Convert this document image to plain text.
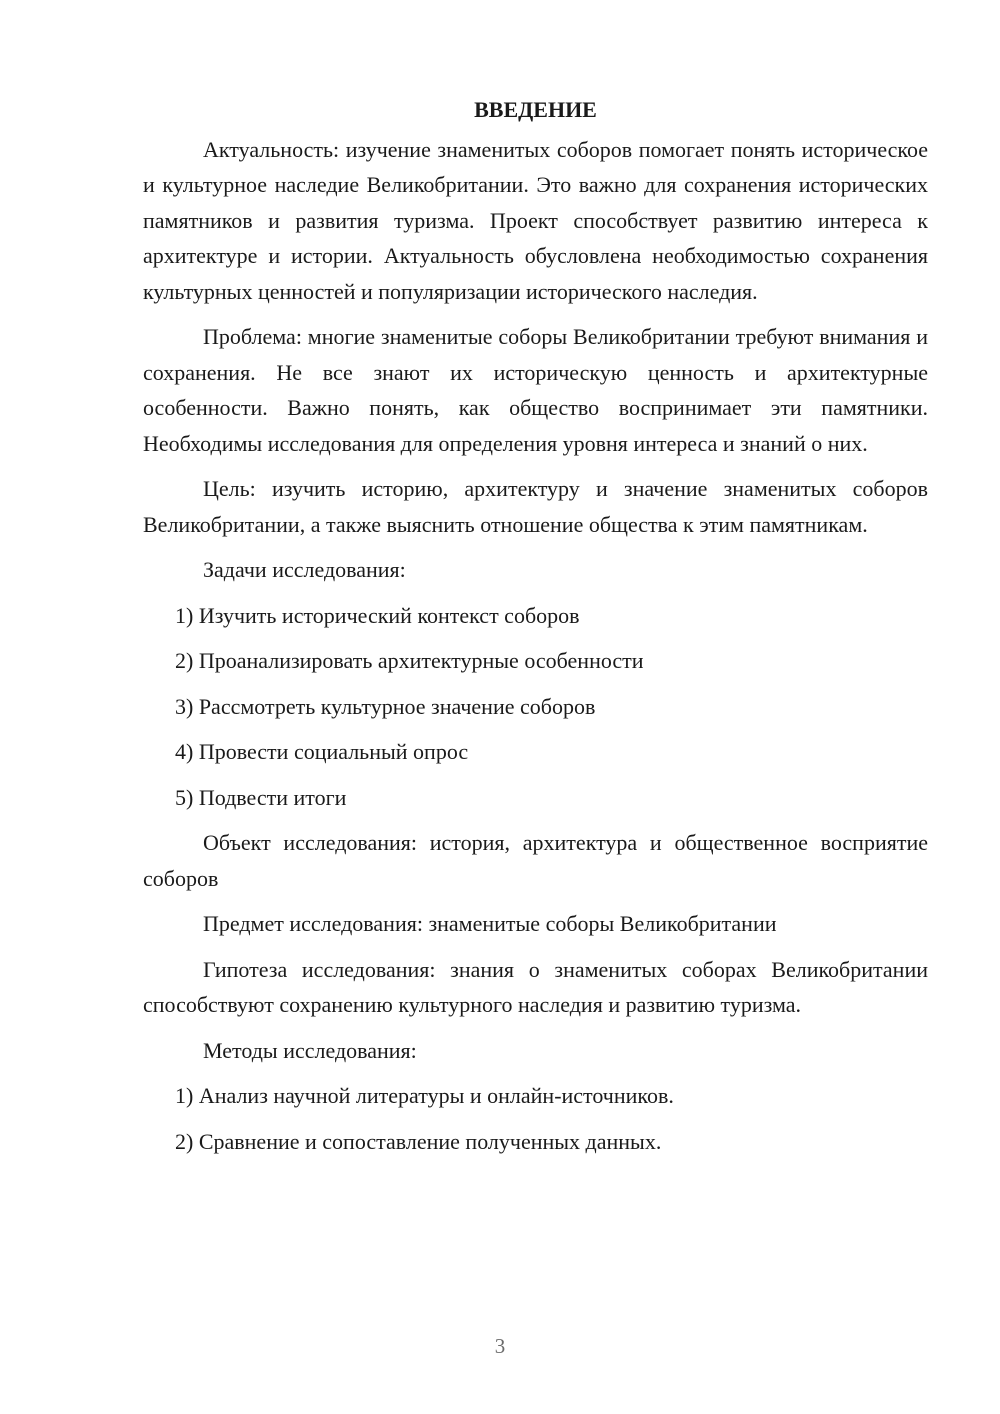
ВВЕДЕНИЕ

Актуальность: изучение знаменитых соборов помогает понять историческое и культурное наследие Великобритании. Это важно для сохранения исторических памятников и развития туризма. Проект способствует развитию интереса к архитектуре и истории. Актуальность обусловлена необходимостью сохранения культурных ценностей и популяризации исторического наследия.

Проблема: многие знаменитые соборы Великобритании требуют внимания и сохранения. Не все знают их историческую ценность и архитектурные особенности. Важно понять, как общество воспринимает эти памятники. Необходимы исследования для определения уровня интереса и знаний о них.

Цель: изучить историю, архитектуру и значение знаменитых соборов Великобритании, а также выяснить отношение общества к этим памятникам.

Задачи исследования:

1) Изучить исторический контекст соборов
2) Проанализировать архитектурные особенности
3) Рассмотреть культурное значение соборов
4) Провести социальный опрос
5) Подвести итоги

Объект исследования: история, архитектура и общественное восприятие соборов

Предмет исследования: знаменитые соборы Великобритании

Гипотеза исследования: знания о знаменитых соборах Великобритании способствуют сохранению культурного наследия и развитию туризма.

Методы исследования:

1) Анализ научной литературы и онлайн-источников.
2) Сравнение и сопоставление полученных данных.
3
